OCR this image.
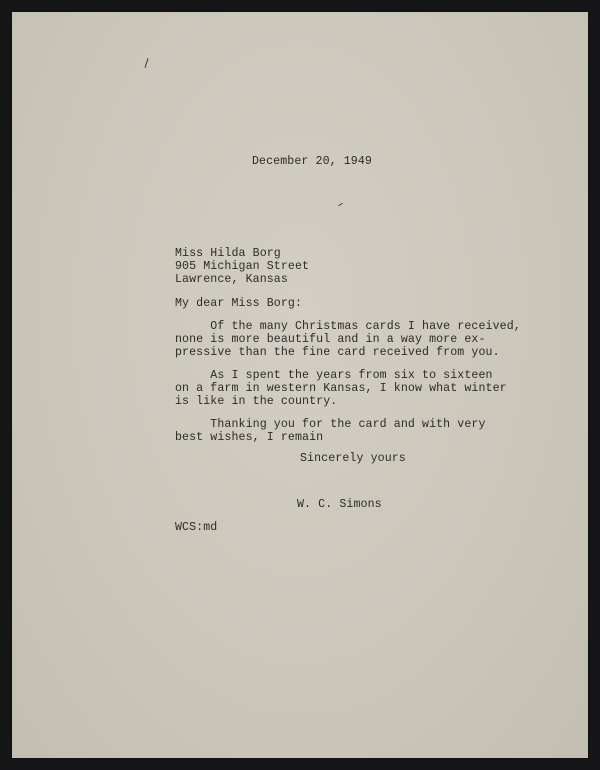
December 20, 1949

Miss Hilda Borg

905 Michigan Street

Lawrence, Kansas

My dear Miss Borg:

Of the many Christmas cards I have received,

none is more beautiful and in a way more ex-

pressive than the fine card received from you.

As I spent the years from six to sixteen

on a farm in western Kansas, I know what winter

is like in the country.

Thanking you for the card and with very

best wishes, I remain

Sincerely yours

W. C. Simons

WCS:md
